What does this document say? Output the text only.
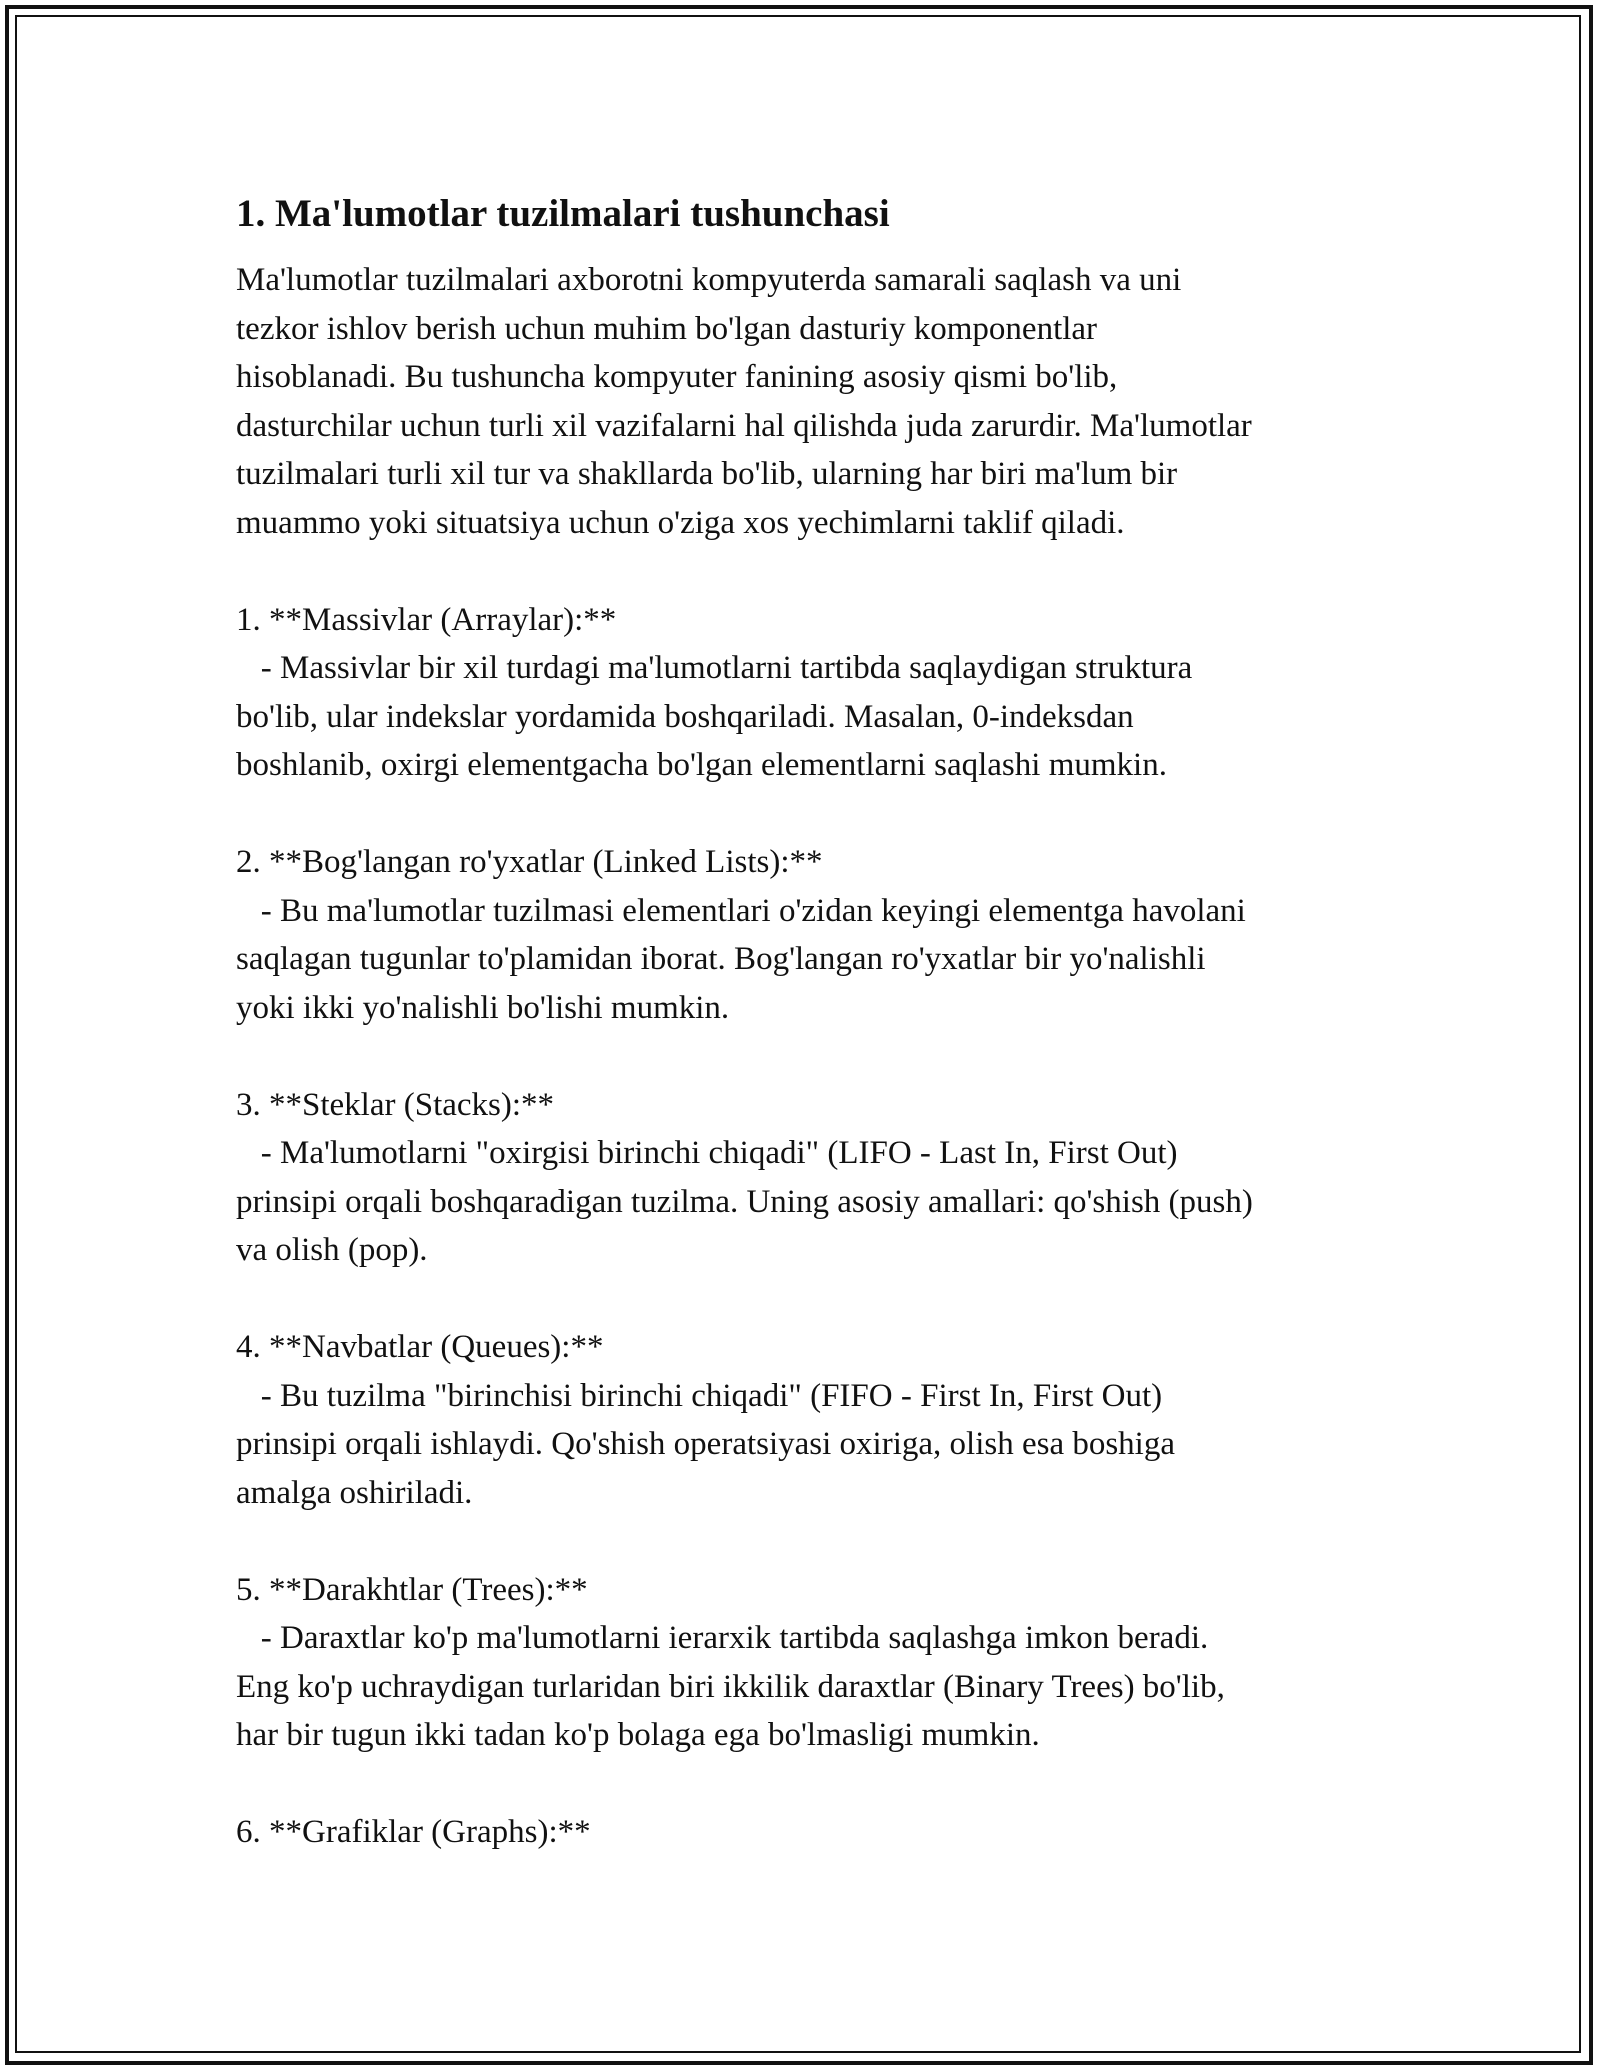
1. Ma'lumotlar tuzilmalari tushunchasi

Ma'lumotlar tuzilmalari axborotni kompyuterda samarali saqlash va uni
tezkor ishlov berish uchun muhim bo'lgan dasturiy komponentlar
hisoblanadi. Bu tushuncha kompyuter fanining asosiy qismi bo'lib,
dasturchilar uchun turli xil vazifalarni hal qilishda juda zarurdir. Ma'lumotlar
tuzilmalari turli xil tur va shakllarda bo'lib, ularning har biri ma'lum bir
muammo yoki situatsiya uchun o'ziga xos yechimlarni taklif qiladi.

1. **Massivlar (Arraylar):**

- Massivlar bir xil turdagi ma'lumotlarni tartibda saqlaydigan struktura
bo'lib, ular indekslar yordamida boshqariladi. Masalan, 0-indeksdan
boshlanib, oxirgi elementgacha bo'lgan elementlarni saqlashi mumkin.

2. **Bog'langan ro'yxatlar (Linked Lists):**

- Bu ma'lumotlar tuzilmasi elementlari o'zidan keyingi elementga havolani
saqlagan tugunlar to'plamidan iborat. Bog'langan ro'yxatlar bir yo'nalishli
yoki ikki yo'nalishli bo'lishi mumkin.

3. **Steklar (Stacks):**

- Ma'lumotlarni "oxirgisi birinchi chiqadi" (LIFO - Last In, First Out)
prinsipi orqali boshqaradigan tuzilma. Uning asosiy amallari: qo'shish (push)
va olish (pop).

4. **Navbatlar (Queues):**

- Bu tuzilma "birinchisi birinchi chiqadi" (FIFO - First In, First Out)
prinsipi orqali ishlaydi. Qo'shish operatsiyasi oxiriga, olish esa boshiga
amalga oshiriladi.

5. **Darakhtlar (Trees):**

- Daraxtlar ko'p ma'lumotlarni ierarxik tartibda saqlashga imkon beradi.
Eng ko'p uchraydigan turlaridan biri ikkilik daraxtlar (Binary Trees) bo'lib,
har bir tugun ikki tadan ko'p bolaga ega bo'lmasligi mumkin.

6. **Grafiklar (Graphs):**
